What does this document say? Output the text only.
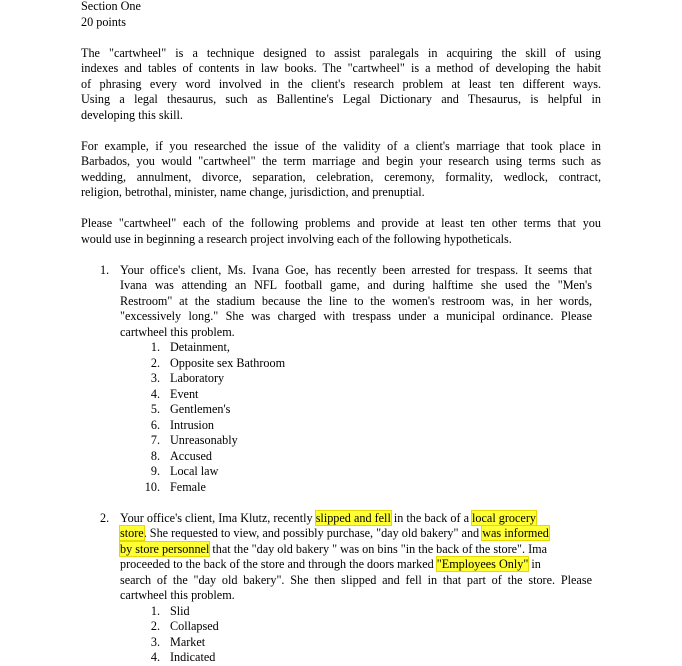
Section One
20 points
The "cartwheel" is a technique designed to assist paralegals in acquiring the skill of using
indexes and tables of contents in law books. The "cartwheel" is a method of developing the habit
of phrasing every word involved in the client's research problem at least ten different ways.
Using a legal thesaurus, such as Ballentine's Legal Dictionary and Thesaurus, is helpful in
developing this skill.
For example, if you researched the issue of the validity of a client's marriage that took place in
Barbados, you would "cartwheel" the term marriage and begin your research using terms such as
wedding, annulment, divorce, separation, celebration, ceremony, formality, wedlock, contract,
religion, betrothal, minister, name change, jurisdiction, and prenuptial.
Please "cartwheel" each of the following problems and provide at least ten other terms that you
would use in beginning a research project involving each of the following hypotheticals.
1. Your office's client, Ms. Ivana Goe, has recently been arrested for trespass. It seems that
Ivana was attending an NFL football game, and during halftime she used the "Men's
Restroom" at the stadium because the line to the women's restroom was, in her words,
"excessively long." She was charged with trespass under a municipal ordinance. Please
cartwheel this problem.
1. Detainment,
2. Opposite sex Bathroom
3. Laboratory
4. Event
5. Gentlemen's
6. Intrusion
7. Unreasonably
8. Accused
9. Local law
10. Female
2. Your office's client, Ima Klutz, recently slipped and fell in the back of a local grocery
store. She requested to view, and possibly purchase, "day old bakery" and was informed
by store personnel that the "day old bakery " was on bins "in the back of the store". Ima
proceeded to the back of the store and through the doors marked "Employees Only" in
search of the "day old bakery". She then slipped and fell in that part of the store. Please
cartwheel this problem.
1. Slid
2. Collapsed
3. Market
4. Indicated
